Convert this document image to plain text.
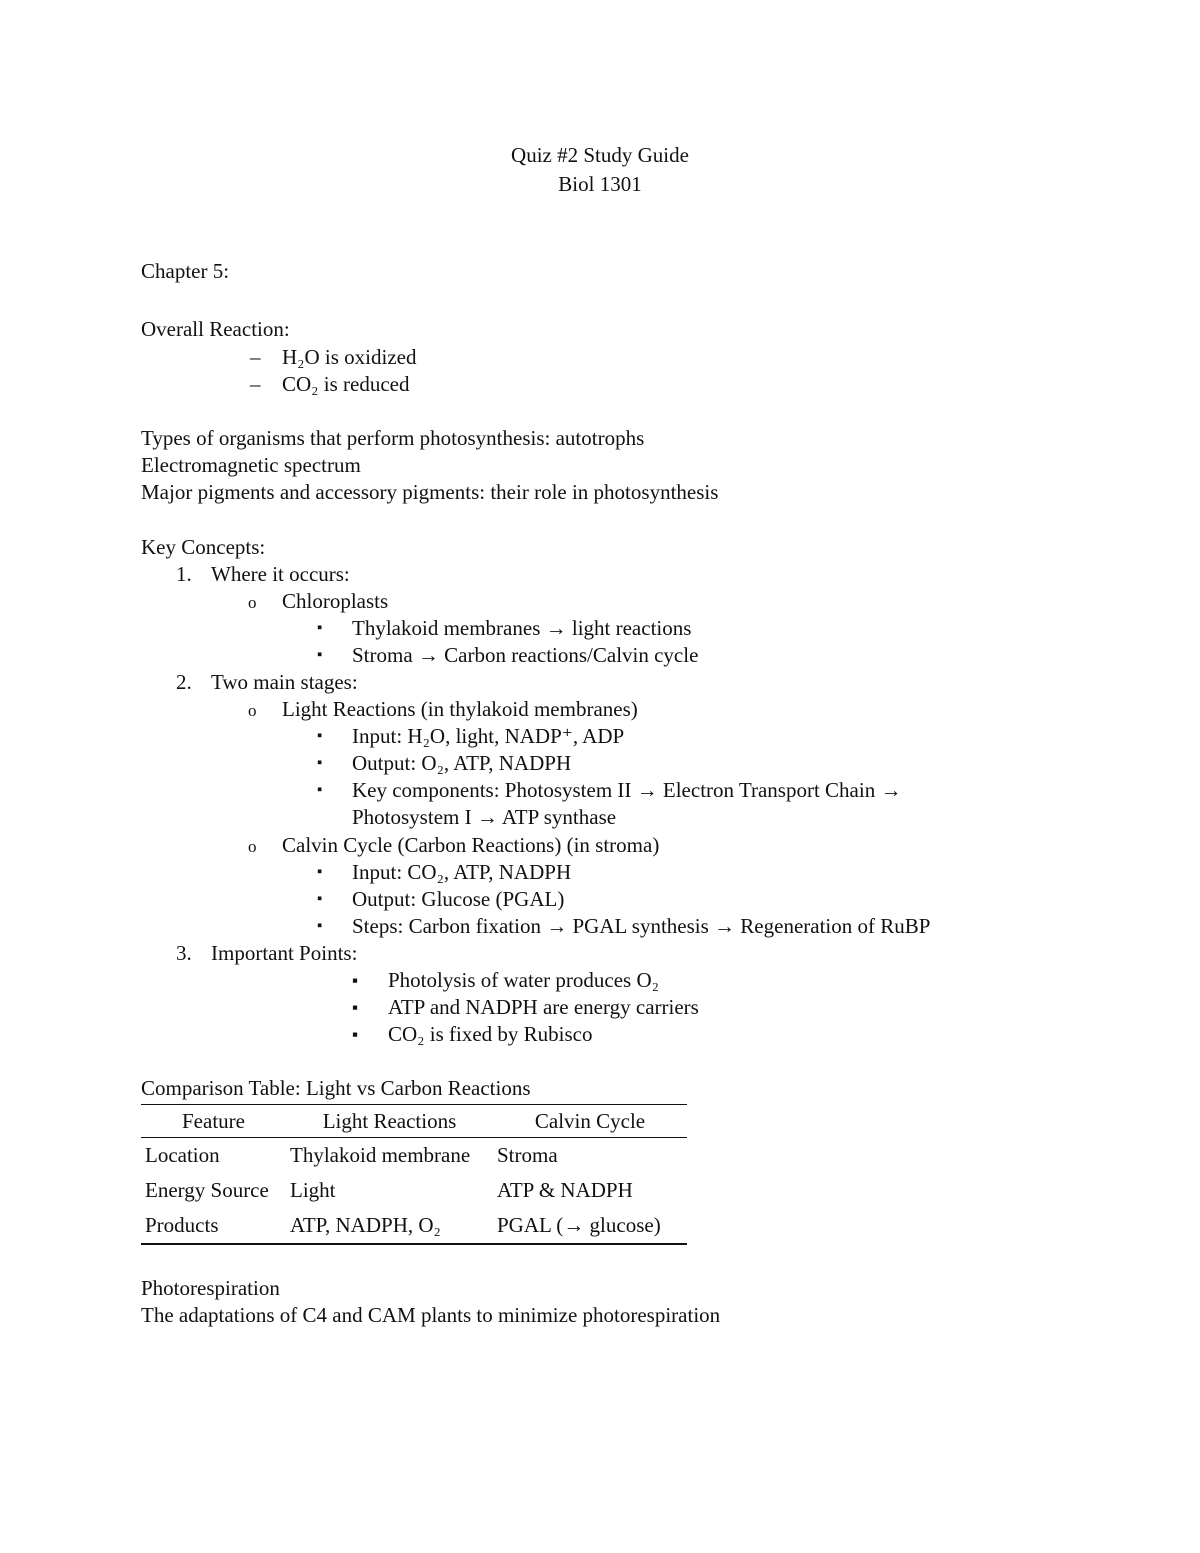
Quiz #2 Study Guide
Biol 1301
Chapter 5:
Overall Reaction:
– H₂O is oxidized
– CO₂ is reduced
Types of organisms that perform photosynthesis: autotrophs
Electromagnetic spectrum
Major pigments and accessory pigments: their role in photosynthesis
Key Concepts:
1. Where it occurs:
o Chloroplasts
▪ Thylakoid membranes → light reactions
▪ Stroma → Carbon reactions/Calvin cycle
2. Two main stages:
o Light Reactions (in thylakoid membranes)
▪ Input: H₂O, light, NADP⁺, ADP
▪ Output: O₂, ATP, NADPH
▪ Key components: Photosystem II → Electron Transport Chain →
Photosystem I → ATP synthase
o Calvin Cycle (Carbon Reactions) (in stroma)
▪ Input: CO₂, ATP, NADPH
▪ Output: Glucose (PGAL)
▪ Steps: Carbon fixation → PGAL synthesis → Regeneration of RuBP
3. Important Points:
▪ Photolysis of water produces O₂
▪ ATP and NADPH are energy carriers
▪ CO₂ is fixed by Rubisco
Comparison Table: Light vs Carbon Reactions
Feature	Light Reactions	Calvin Cycle
Location	Thylakoid membrane	Stroma
Energy Source	Light	ATP & NADPH
Products	ATP, NADPH, O₂	PGAL (→ glucose)
Photorespiration
The adaptations of C4 and CAM plants to minimize photorespiration
